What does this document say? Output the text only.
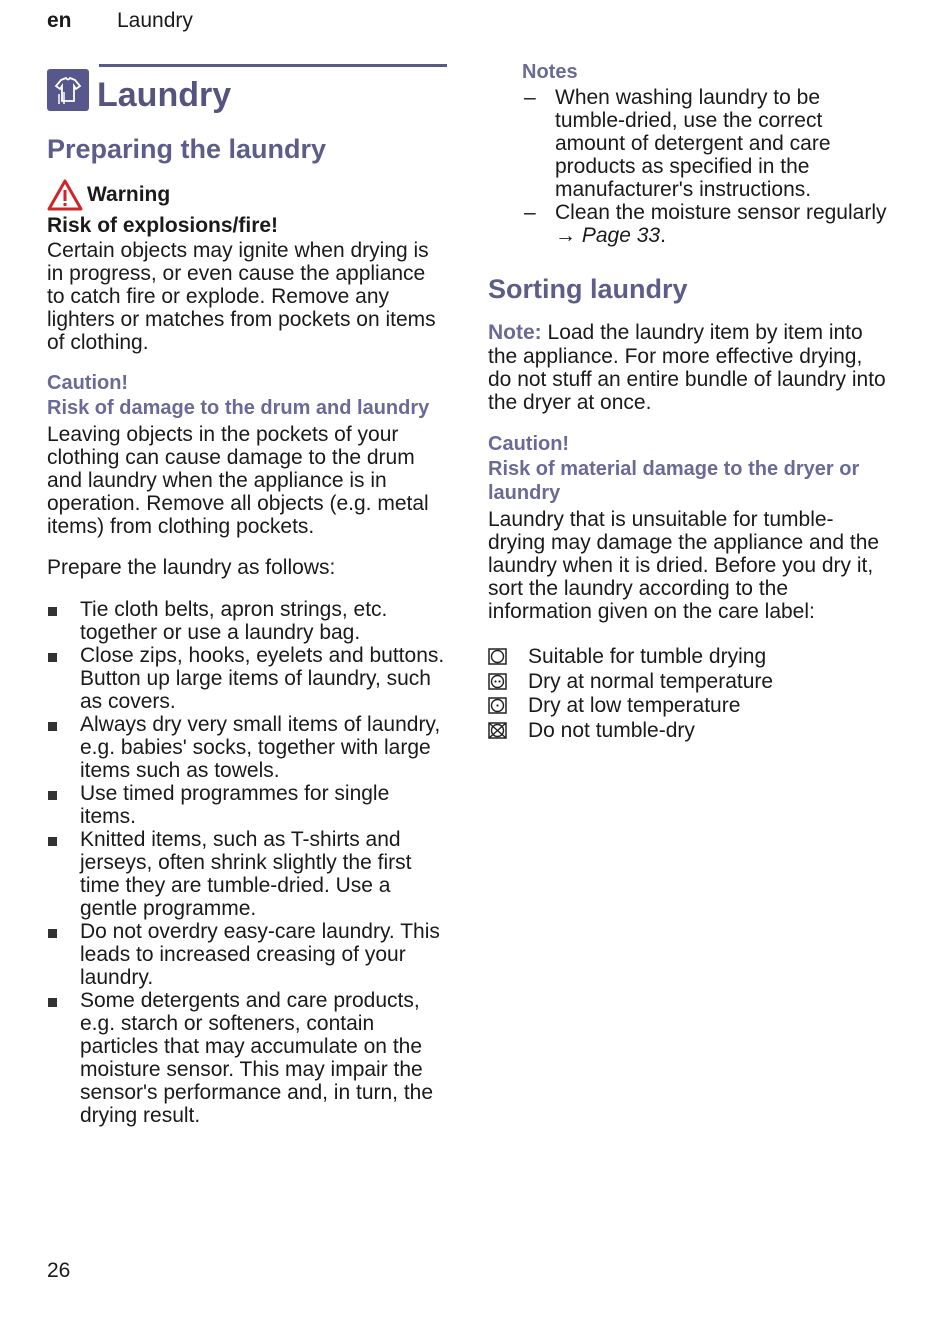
en Laundry
Laundry
Preparing the laundry
Warning
Risk of explosions/fire!
Certain objects may ignite when drying is in progress, or even cause the appliance to catch fire or explode. Remove any lighters or matches from pockets on items of clothing.
Caution!
Risk of damage to the drum and laundry
Leaving objects in the pockets of your clothing can cause damage to the drum and laundry when the appliance is in operation. Remove all objects (e.g. metal items) from clothing pockets.
Prepare the laundry as follows:
Tie cloth belts, apron strings, etc. together or use a laundry bag.
Close zips, hooks, eyelets and buttons. Button up large items of laundry, such as covers.
Always dry very small items of laundry, e.g. babies' socks, together with large items such as towels.
Use timed programmes for single items.
Knitted items, such as T-shirts and jerseys, often shrink slightly the first time they are tumble-dried. Use a gentle programme.
Do not overdry easy-care laundry. This leads to increased creasing of your laundry.
Some detergents and care products, e.g. starch or softeners, contain particles that may accumulate on the moisture sensor. This may impair the sensor's performance and, in turn, the drying result.
Notes
– When washing laundry to be tumble-dried, use the correct amount of detergent and care products as specified in the manufacturer's instructions.
– Clean the moisture sensor regularly → Page 33.
Sorting laundry
Note: Load the laundry item by item into the appliance. For more effective drying, do not stuff an entire bundle of laundry into the dryer at once.
Caution!
Risk of material damage to the dryer or laundry
Laundry that is unsuitable for tumble-drying may damage the appliance and the laundry when it is dried. Before you dry it, sort the laundry according to the information given on the care label:
Suitable for tumble drying
Dry at normal temperature
Dry at low temperature
Do not tumble-dry
26
